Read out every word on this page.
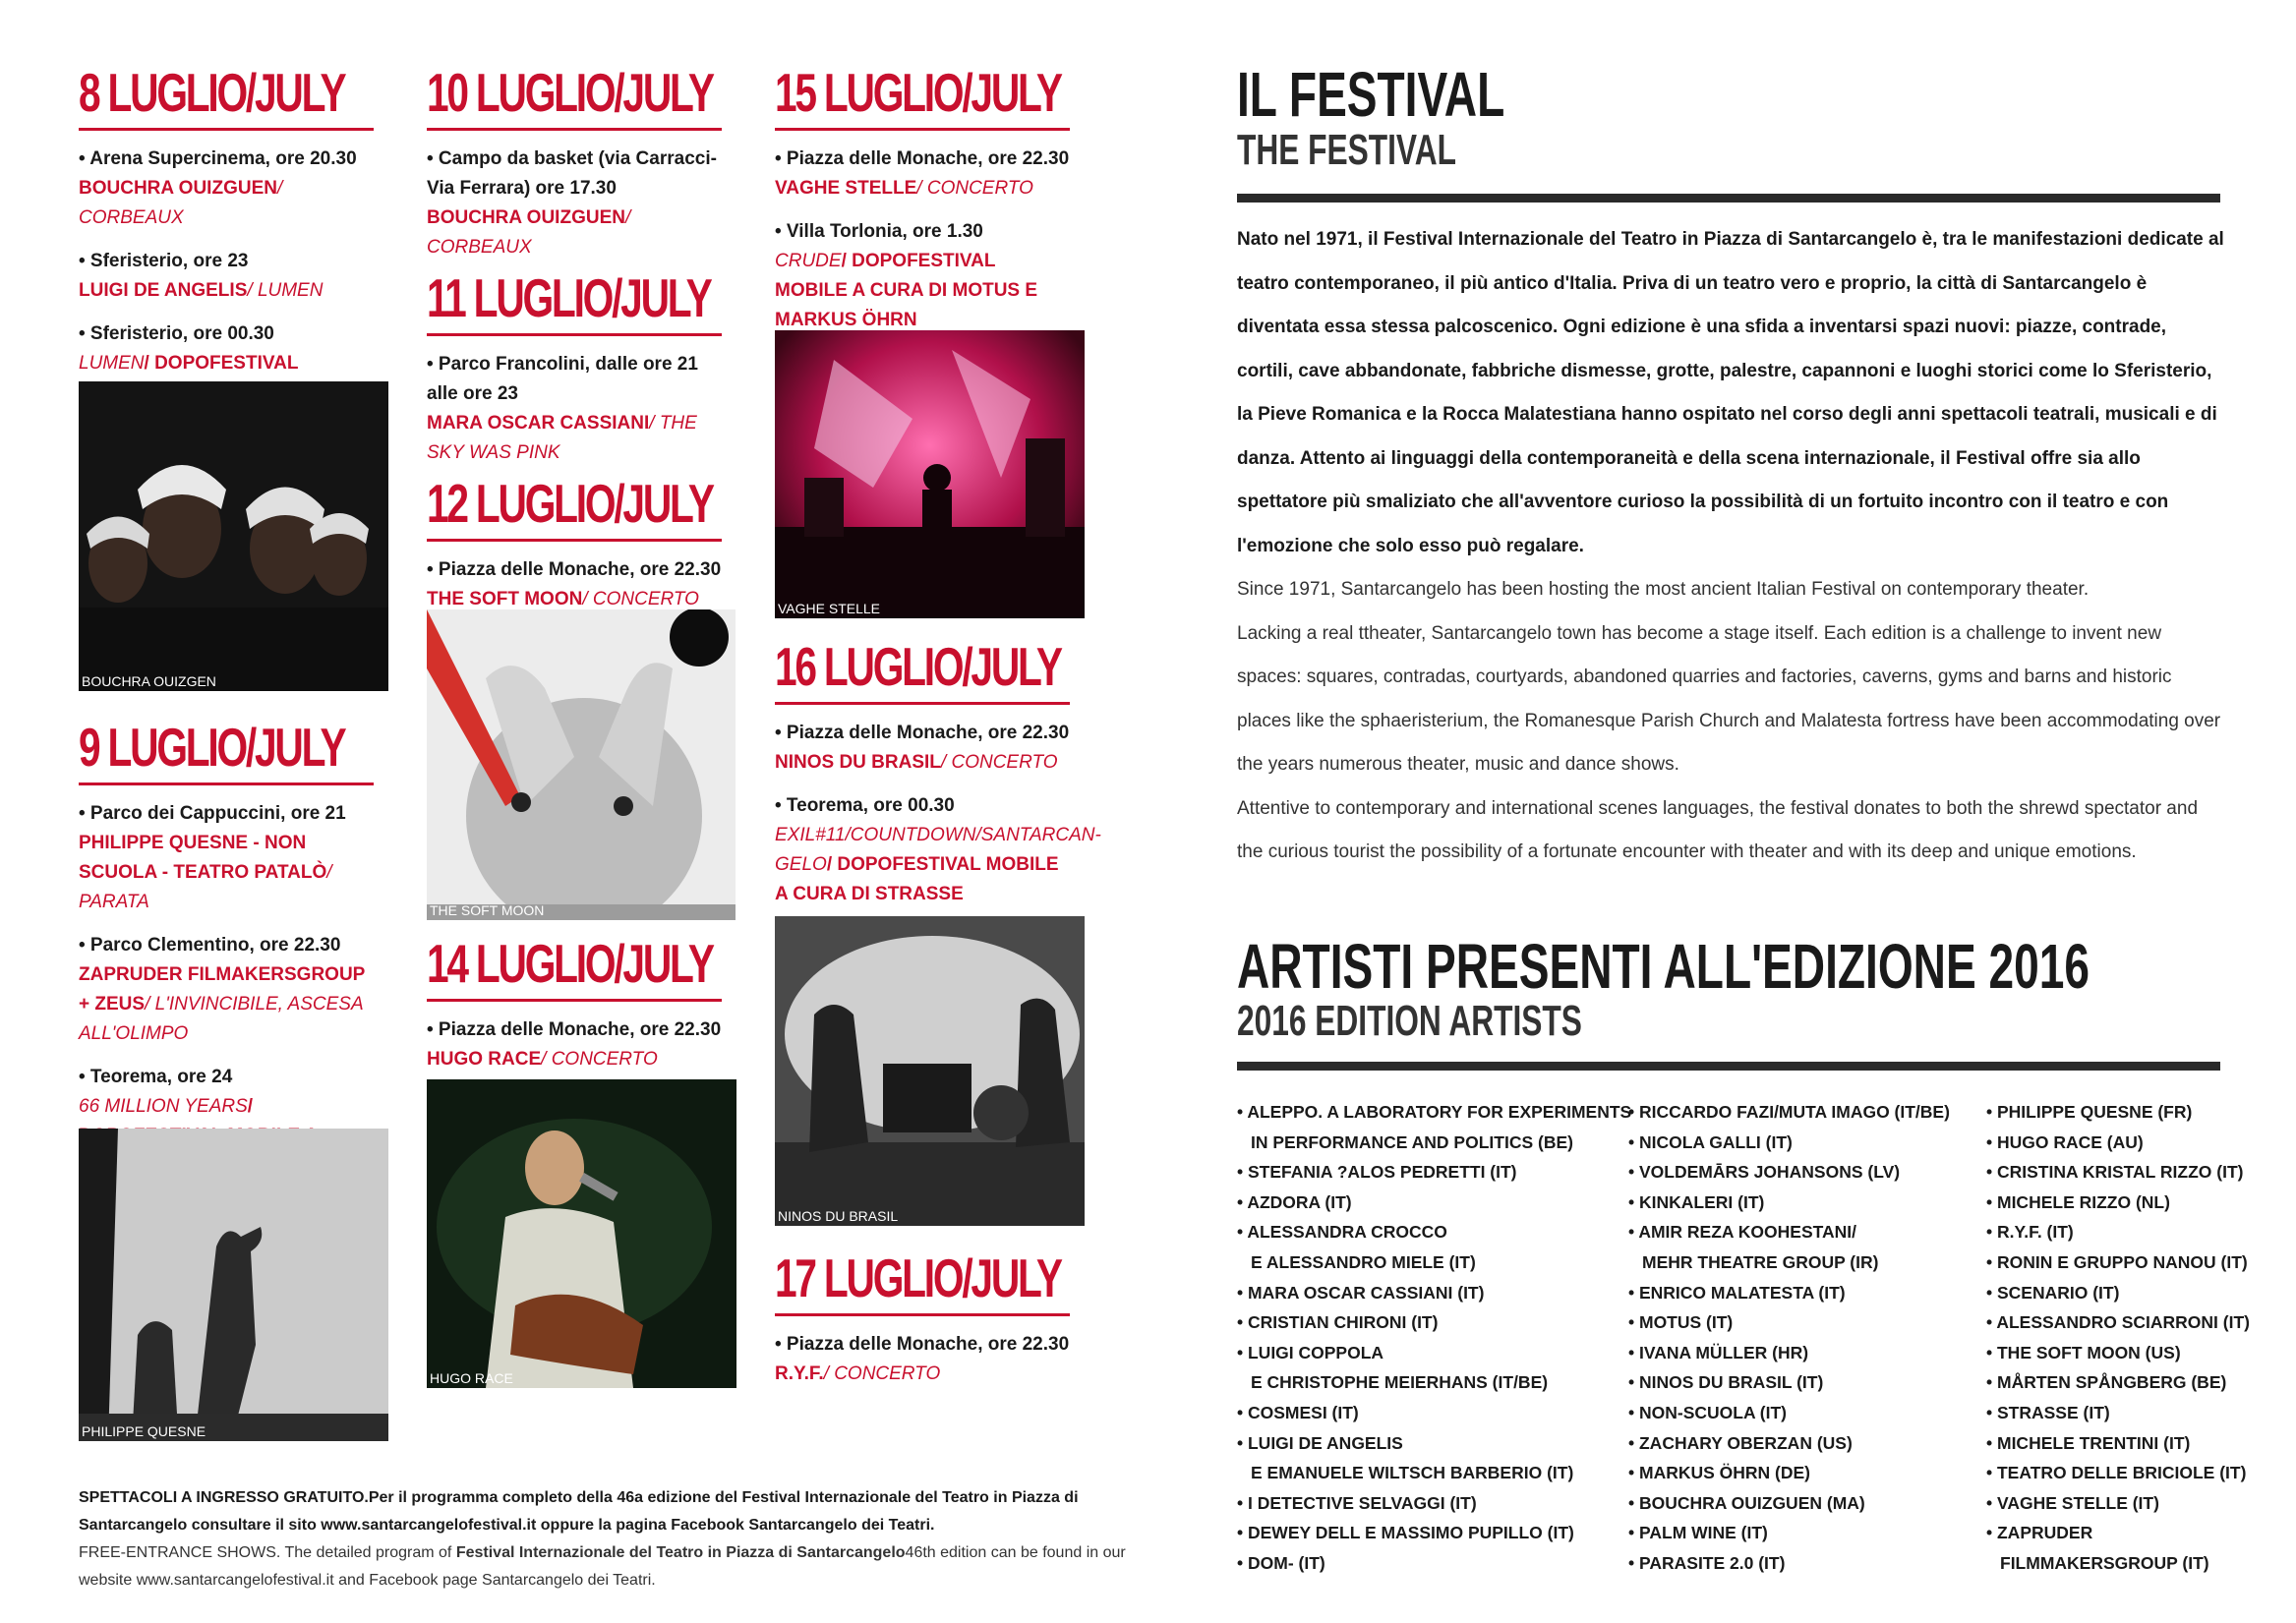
8 LUGLIO/JULY
• Arena Supercinema, ore 20.30
BOUCHRA OUIZGUEN/ CORBEAUX
• Sferisterio, ore 23
LUIGI DE ANGELIS/ LUMEN
• Sferisterio, ore 00.30
LUMEN/ DOPOFESTIVAL
BOUCHRA OUIZGEN
9 LUGLIO/JULY
• Parco dei Cappuccini, ore 21
PHILIPPE QUESNE - NON SCUOLA - TEATRO PATALÒ/ PARATA
• Parco Clementino, ore 22.30
ZAPRUDER FILMAKERSGROUP + ZEUS/ L'INVINCIBILE, ASCESA ALL'OLIMPO
• Teorema, ore 24
66 MILLION YEARS/
PHILIPPE QUESNE
10 LUGLIO/JULY
• Campo da basket (via Carracci-Via Ferrara) ore 17.30
BOUCHRA OUIZGUEN/ CORBEAUX
11 LUGLIO/JULY
• Parco Francolini, dalle ore 21 alle ore 23
MARA OSCAR CASSIANI/ THE SKY WAS PINK
12 LUGLIO/JULY
• Piazza delle Monache, ore 22.30
THE SOFT MOON/ CONCERTO
THE SOFT MOON
14 LUGLIO/JULY
• Piazza delle Monache, ore 22.30
HUGO RACE/ CONCERTO
HUGO RACE
15 LUGLIO/JULY
• Piazza delle Monache, ore 22.30
VAGHE STELLE/ CONCERTO
• Villa Torlonia, ore 1.30
CRUDE/ DOPOFESTIVAL MOBILE A CURA DI MOTUS E MARKUS ÖHRN
VAGHE STELLE
16 LUGLIO/JULY
• Piazza delle Monache, ore 22.30
NINOS DU BRASIL/ CONCERTO
• Teorema, ore 00.30
EXIL#11/COUNTDOWN/SANTARCAN-GELO/ DOPOFESTIVAL MOBILE A CURA DI STRASSE
NINOS DU BRASIL
17 LUGLIO/JULY
• Piazza delle Monache, ore 22.30
R.Y.F./ CONCERTO
SPETTACOLI A INGRESSO GRATUITO.Per il programma completo della 46a edizione del Festival Internazionale del Teatro in Piazza di Santarcangelo consultare il sito www.santarcangelofestival.it oppure la pagina Facebook Santarcangelo dei Teatri.
FREE-ENTRANCE SHOWS. The detailed program of Festival Internazionale del Teatro in Piazza di Santarcangelo46th edition can be found in our website www.santarcangelofestival.it and Facebook page Santarcangelo dei Teatri.
IL FESTIVAL
THE FESTIVAL
Nato nel 1971, il Festival Internazionale del Teatro in Piazza di Santarcangelo è, tra le manifestazioni dedicate al teatro contemporaneo, il più antico d'Italia. Priva di un teatro vero e proprio, la città di Santarcangelo è diventata essa stessa palcoscenico. Ogni edizione è una sfida a inventarsi spazi nuovi: piazze, contrade, cortili, cave abbandonate, fabbriche dismesse, grotte, palestre, capannoni e luoghi storici come lo Sferisterio, la Pieve Romanica e la Rocca Malatestiana hanno ospitato nel corso degli anni spettacoli teatrali, musicali e di danza. Attento ai linguaggi della contemporaneità e della scena internazionale, il Festival offre sia allo spettatore più smaliziato che all'avventore curioso la possibilità di un fortuito incontro con il teatro e con l'emozione che solo esso può regalare.
Since 1971, Santarcangelo has been hosting the most ancient Italian Festival on contemporary theater.
Lacking a real ttheater, Santarcangelo town has become a stage itself. Each edition is a challenge to invent new spaces: squares, contradas, courtyards, abandoned quarries and factories, caverns, gyms and barns and historic places like the sphaeristerium, the Romanesque Parish Church and Malatesta fortress have been accommodating over the years numerous theater, music and dance shows.
Attentive to contemporary and international scenes languages, the festival donates to both the shrewd spectator and the curious tourist the possibility of a fortunate encounter with theater and with its deep and unique emotions.
ARTISTI PRESENTI ALL'EDIZIONE 2016
2016 EDITION ARTISTS
• ALEPPO. A LABORATORY FOR EXPERIMENTS
IN PERFORMANCE AND POLITICS (BE)
• STEFANIA ?ALOS PEDRETTI (IT)
• AZDORA (IT)
• ALESSANDRA CROCCO
E ALESSANDRO MIELE (IT)
• MARA OSCAR CASSIANI (IT)
• CRISTIAN CHIRONI (IT)
• LUIGI COPPOLA
E CHRISTOPHE MEIERHANS (IT/BE)
• COSMESI (IT)
• LUIGI DE ANGELIS
E EMANUELE WILTSCH BARBERIO (IT)
• I DETECTIVE SELVAGGI (IT)
• DEWEY DELL E MASSIMO PUPILLO (IT)
• DOM- (IT)
• RICCARDO FAZI/MUTA IMAGO (IT/BE)
• NICOLA GALLI (IT)
• VOLDEMĀRS JOHANSONS (LV)
• KINKALERI (IT)
• AMIR REZA KOOHESTANI/
MEHR THEATRE GROUP (IR)
• ENRICO MALATESTA (IT)
• MOTUS (IT)
• IVANA MÜLLER (HR)
• NINOS DU BRASIL (IT)
• NON-SCUOLA (IT)
• ZACHARY OBERZAN (US)
• MARKUS ÖHRN (DE)
• BOUCHRA OUIZGUEN (MA)
• PALM WINE (IT)
• PARASITE 2.0 (IT)
• PHILIPPE QUESNE (FR)
• HUGO RACE (AU)
• CRISTINA KRISTAL RIZZO (IT)
• MICHELE RIZZO (NL)
• R.Y.F. (IT)
• RONIN E GRUPPO NANOU (IT)
• SCENARIO (IT)
• ALESSANDRO SCIARRONI (IT)
• THE SOFT MOON (US)
• MÅRTEN SPÅNGBERG (BE)
• STRASSE (IT)
• MICHELE TRENTINI (IT)
• TEATRO DELLE BRICIOLE (IT)
• VAGHE STELLE (IT)
• ZAPRUDER
FILMMAKERSGROUP (IT)
